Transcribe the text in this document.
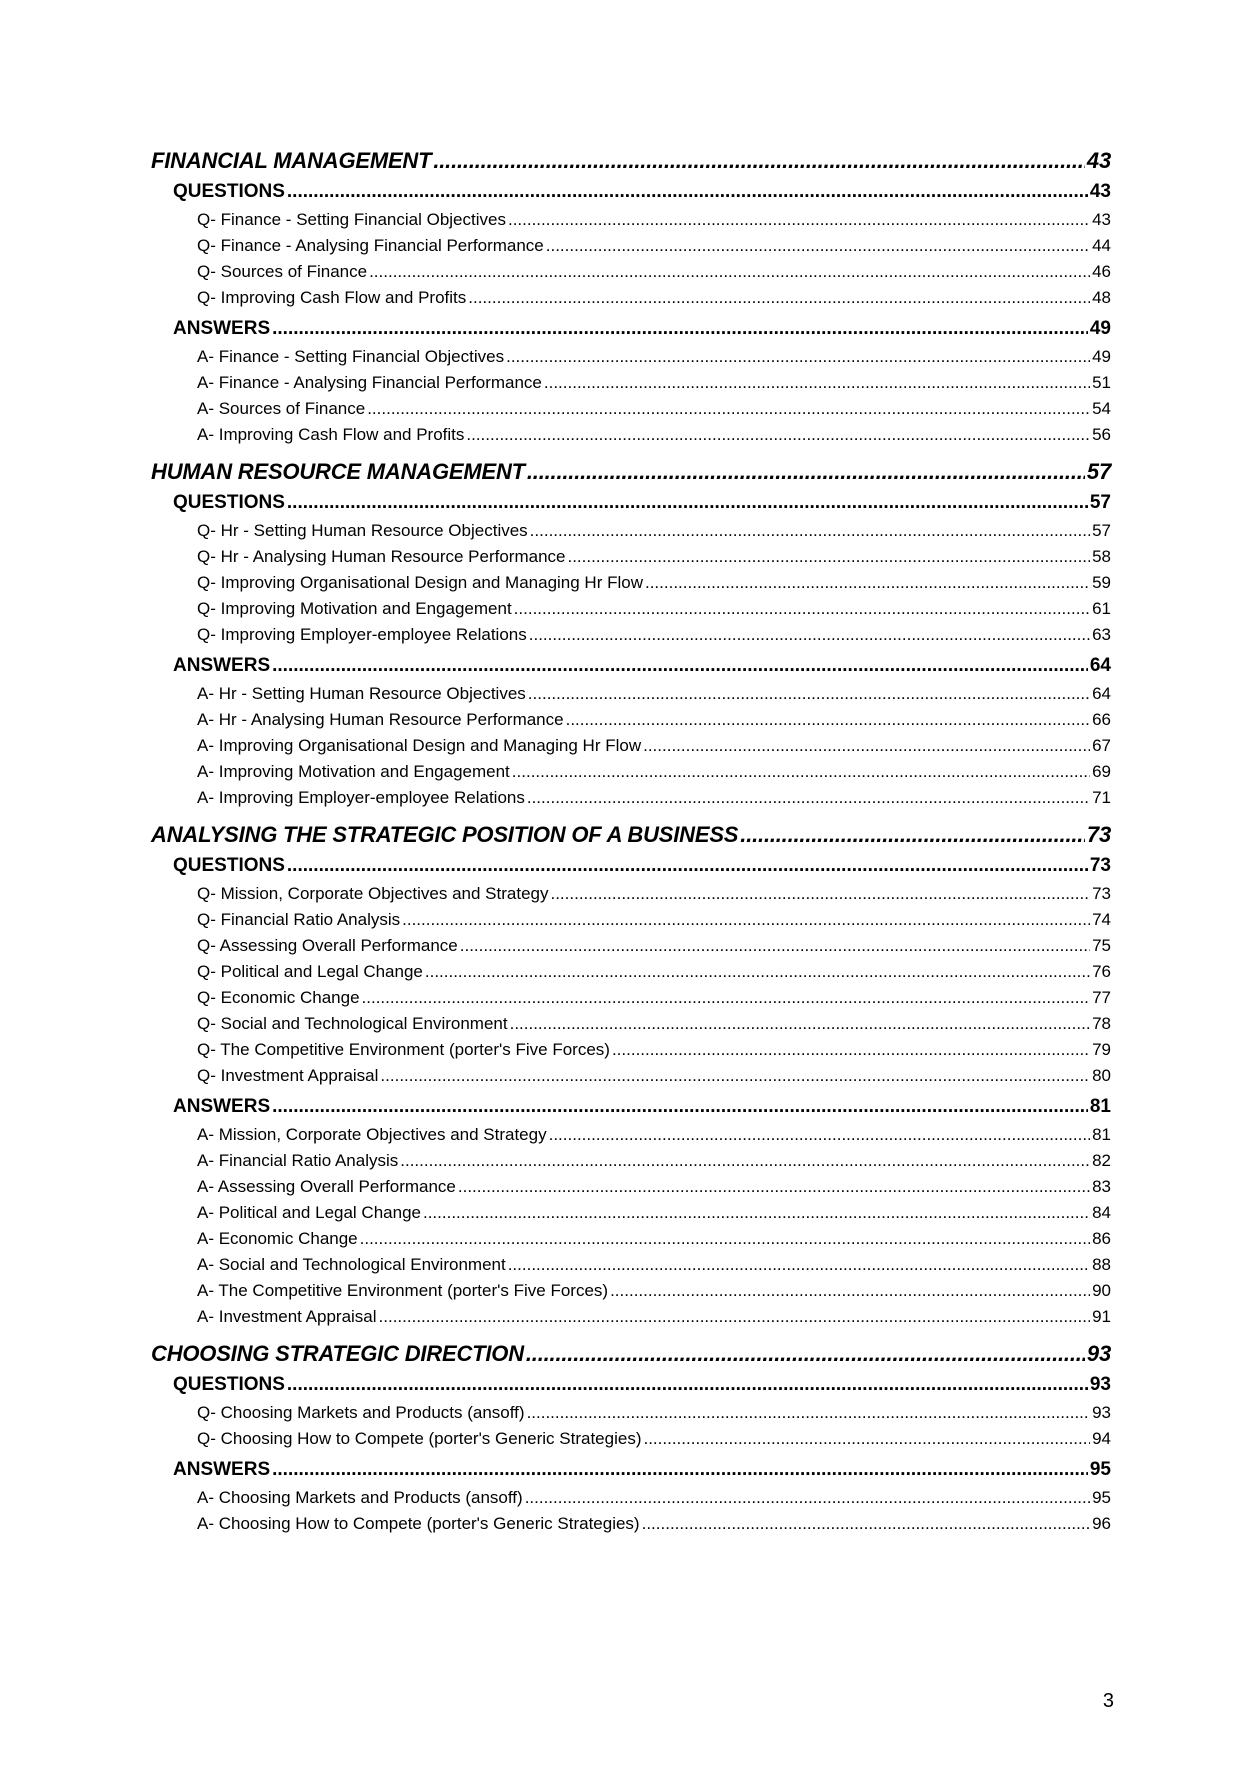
FINANCIAL MANAGEMENT .....	43
QUESTIONS .....	43
Q- Finance - Setting Financial Objectives .....	43
Q- Finance - Analysing Financial Performance .....	44
Q- Sources of Finance .....	46
Q- Improving Cash Flow and Profits .....	48
ANSWERS .....	49
A- Finance - Setting Financial Objectives .....	49
A- Finance - Analysing Financial Performance .....	51
A- Sources of Finance .....	54
A- Improving Cash Flow and Profits .....	56
HUMAN RESOURCE MANAGEMENT .....	57
QUESTIONS .....	57
Q- Hr - Setting Human Resource Objectives .....	57
Q- Hr - Analysing Human Resource Performance .....	58
Q- Improving Organisational Design and Managing Hr Flow .....	59
Q- Improving Motivation and Engagement .....	61
Q- Improving Employer-employee Relations .....	63
ANSWERS .....	64
A- Hr - Setting Human Resource Objectives .....	64
A- Hr - Analysing Human Resource Performance .....	66
A- Improving Organisational Design and Managing Hr Flow .....	67
A- Improving Motivation and Engagement .....	69
A- Improving Employer-employee Relations .....	71
ANALYSING THE STRATEGIC POSITION OF A BUSINESS .....	73
QUESTIONS .....	73
Q- Mission, Corporate Objectives and Strategy .....	73
Q- Financial Ratio Analysis .....	74
Q- Assessing Overall Performance .....	75
Q- Political and Legal Change .....	76
Q- Economic Change .....	77
Q- Social and Technological Environment .....	78
Q- The Competitive Environment (porter's Five Forces) .....	79
Q- Investment Appraisal .....	80
ANSWERS .....	81
A- Mission, Corporate Objectives and Strategy .....	81
A- Financial Ratio Analysis .....	82
A- Assessing Overall Performance .....	83
A- Political and Legal Change .....	84
A- Economic Change .....	86
A- Social and Technological Environment .....	88
A- The Competitive Environment (porter's Five Forces) .....	90
A- Investment Appraisal .....	91
CHOOSING STRATEGIC DIRECTION .....	93
QUESTIONS .....	93
Q- Choosing Markets and Products (ansoff) .....	93
Q- Choosing How to Compete (porter's Generic Strategies) .....	94
ANSWERS .....	95
A- Choosing Markets and Products (ansoff) .....	95
A- Choosing How to Compete (porter's Generic Strategies) .....	96
3
